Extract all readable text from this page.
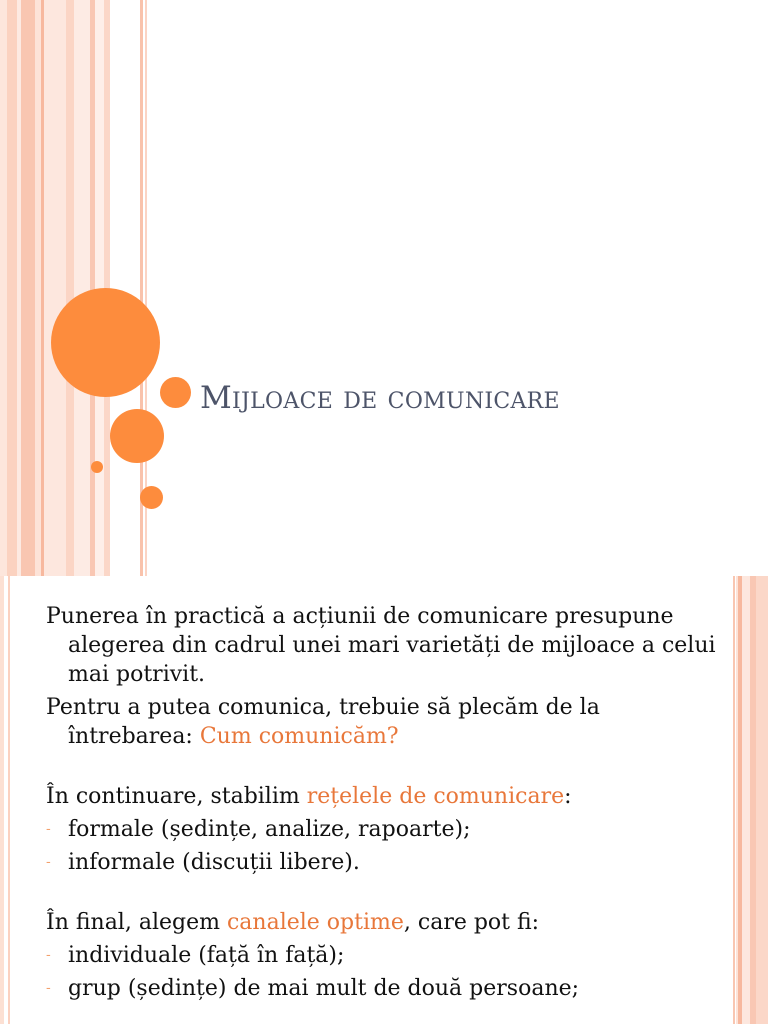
Mijloace de comunicare

Punerea în practică a acțiunii de comunicare presupune alegerea din cadrul unei mari varietăți de mijloace a celui mai potrivit.

Pentru a putea comunica, trebuie să plecăm de la întrebarea: Cum comunicăm?

În continuare, stabilim rețelele de comunicare:

- formale (ședințe, analize, rapoarte);
- informale (discuții libere).

În final, alegem canalele optime, care pot fi:

- individuale (față în față);
- grup (ședințe) de mai mult de două persoane;
